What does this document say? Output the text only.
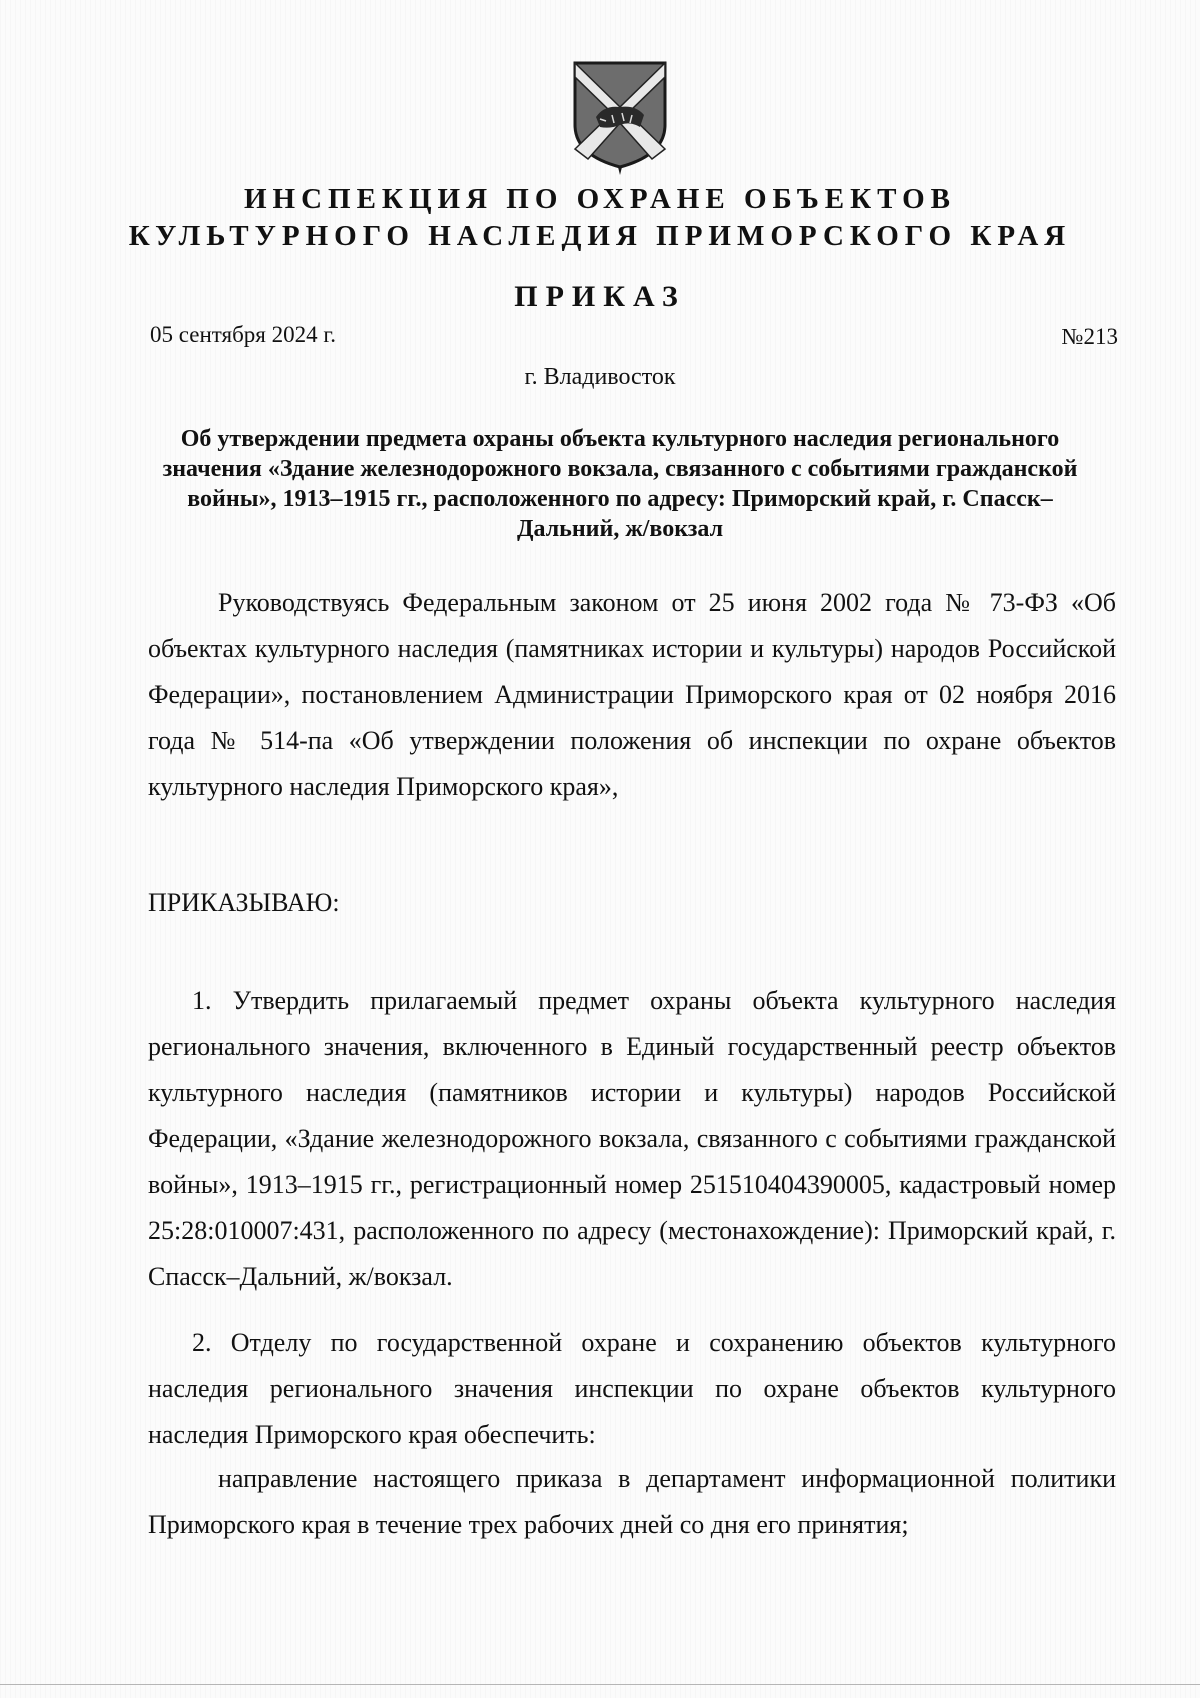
ИНСПЕКЦИЯ ПО ОХРАНЕ ОБЪЕКТОВ
КУЛЬТУРНОГО НАСЛЕДИЯ ПРИМОРСКОГО КРАЯ
ПРИКАЗ
05 сентября 2024 г.	№213
г. Владивосток
Об утверждении предмета охраны объекта культурного наследия регионального значения «Здание железнодорожного вокзала, связанного с событиями гражданской войны», 1913–1915 гг., расположенного по адресу: Приморский край, г. Спасск–Дальний, ж/вокзал
Руководствуясь Федеральным законом от 25 июня 2002 года № 73-ФЗ «Об объектах культурного наследия (памятниках истории и культуры) народов Российской Федерации», постановлением Администрации Приморского края от 02 ноября 2016 года № 514-па «Об утверждении положения об инспекции по охране объектов культурного наследия Приморского края»,
ПРИКАЗЫВАЮ:
1. Утвердить прилагаемый предмет охраны объекта культурного наследия регионального значения, включенного в Единый государственный реестр объектов культурного наследия (памятников истории и культуры) народов Российской Федерации, «Здание железнодорожного вокзала, связанного с событиями гражданской войны», 1913–1915 гг., регистрационный номер 251510404390005, кадастровый номер 25:28:010007:431, расположенного по адресу (местонахождение): Приморский край, г. Спасск–Дальний, ж/вокзал.
2. Отделу по государственной охране и сохранению объектов культурного наследия регионального значения инспекции по охране объектов культурного наследия Приморского края обеспечить:
направление настоящего приказа в департамент информационной политики Приморского края в течение трех рабочих дней со дня его принятия;
